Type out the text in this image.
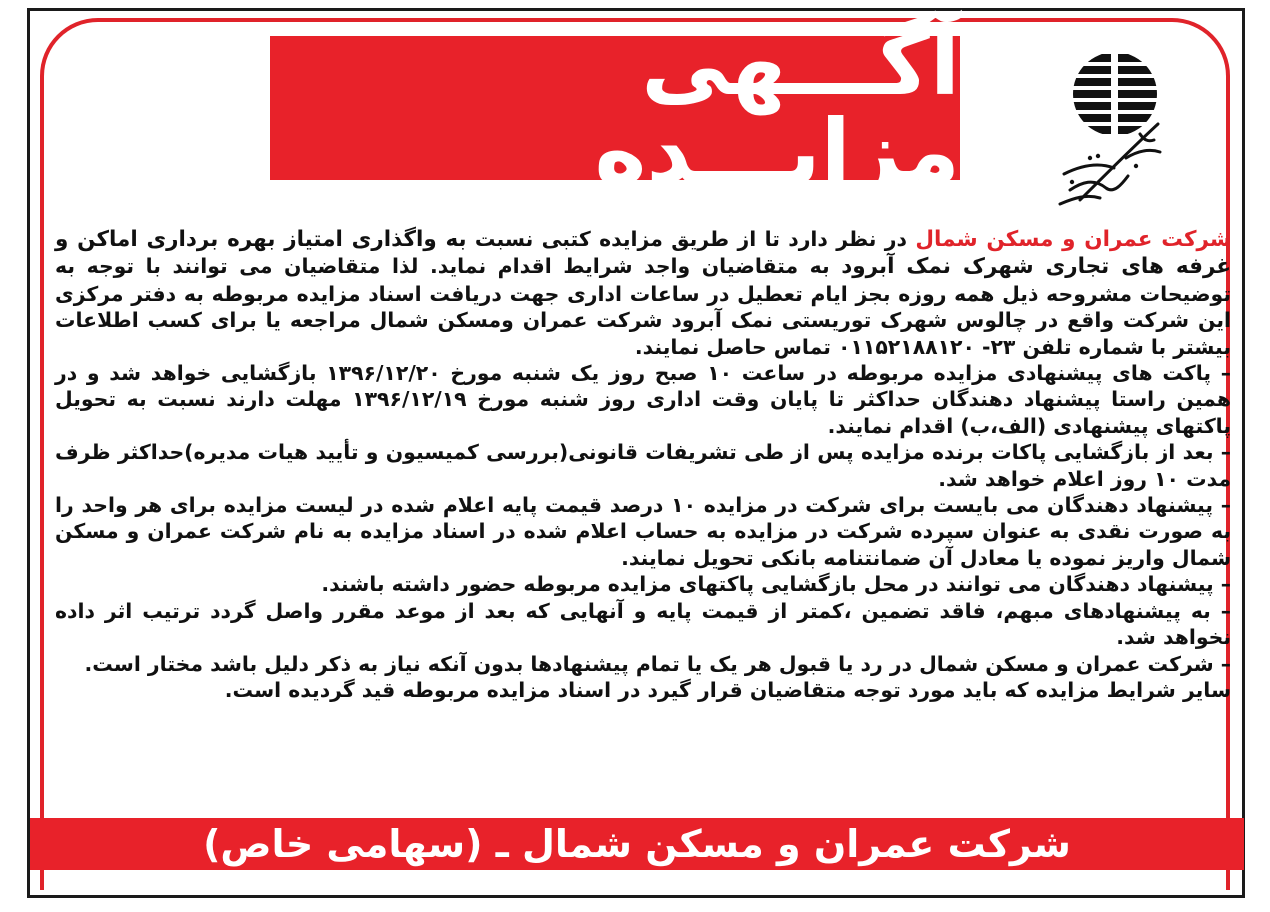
آگـــهی مزایـــده

شرکت عمران و مسکن شمال در نظر دارد تا از طریق مزایده کتبی نسبت به واگذاری امتیاز بهره برداری اماکن و غرفه های تجاری شهرک نمک آبرود به متقاضیان واجد شرایط اقدام نماید. لذا متقاضیان می توانند با توجه به توضیحات مشروحه ذیل همه روزه بجز ایام تعطیل در ساعات اداری جهت دریافت اسناد مزایده مربوطه به دفتر مرکزی این شرکت واقع در چالوس شهرک توریستی نمک آبرود شرکت عمران ومسکن شمال مراجعه یا برای کسب اطلاعات بیشتر با شماره تلفن ۲۳- ۰۱۱۵۲۱۸۸۱۲۰ تماس حاصل نمایند.

– پاکت های پیشنهادی مزایده مربوطه در ساعت ۱۰ صبح روز یک شنبه مورخ ۱۳۹۶/۱۲/۲۰ بازگشایی خواهد شد و در همین راستا پیشنهاد دهندگان حداکثر تا پایان وقت اداری روز شنبه مورخ ۱۳۹۶/۱۲/۱۹ مهلت دارند نسبت به تحویل پاکتهای پیشنهادی (الف،ب) اقدام نمایند.

– بعد از بازگشایی پاکات برنده مزایده پس از طی تشریفات قانونی(بررسی کمیسیون و تأیید هیات مدیره)حداکثر ظرف مدت ۱۰ روز اعلام خواهد شد.

– پیشنهاد دهندگان می بایست برای شرکت در مزایده ۱۰ درصد قیمت پایه اعلام شده در لیست مزایده برای هر واحد را به صورت نقدی به عنوان سپرده شرکت در مزایده به حساب اعلام شده در اسناد مزایده به نام شرکت عمران و مسکن شمال واریز نموده یا معادل آن ضمانتنامه بانکی تحویل نمایند.

– پیشنهاد دهندگان می توانند در محل بازگشایی پاکتهای مزایده مربوطه حضور داشته باشند.

– به پیشنهادهای مبهم، فاقد تضمین ،کمتر از قیمت پایه و آنهایی که بعد از موعد مقرر واصل گردد ترتیب اثر داده نخواهد شد.

– شرکت عمران و مسکن شمال در رد یا قبول هر یک یا تمام پیشنهادها بدون آنکه نیاز به ذکر دلیل باشد مختار است.

سایر شرایط مزایده که باید مورد توجه متقاضیان قرار گیرد در اسناد مزایده مربوطه قید گردیده است.

شرکت عمران و مسکن شمال ـ (سهامی خاص)
